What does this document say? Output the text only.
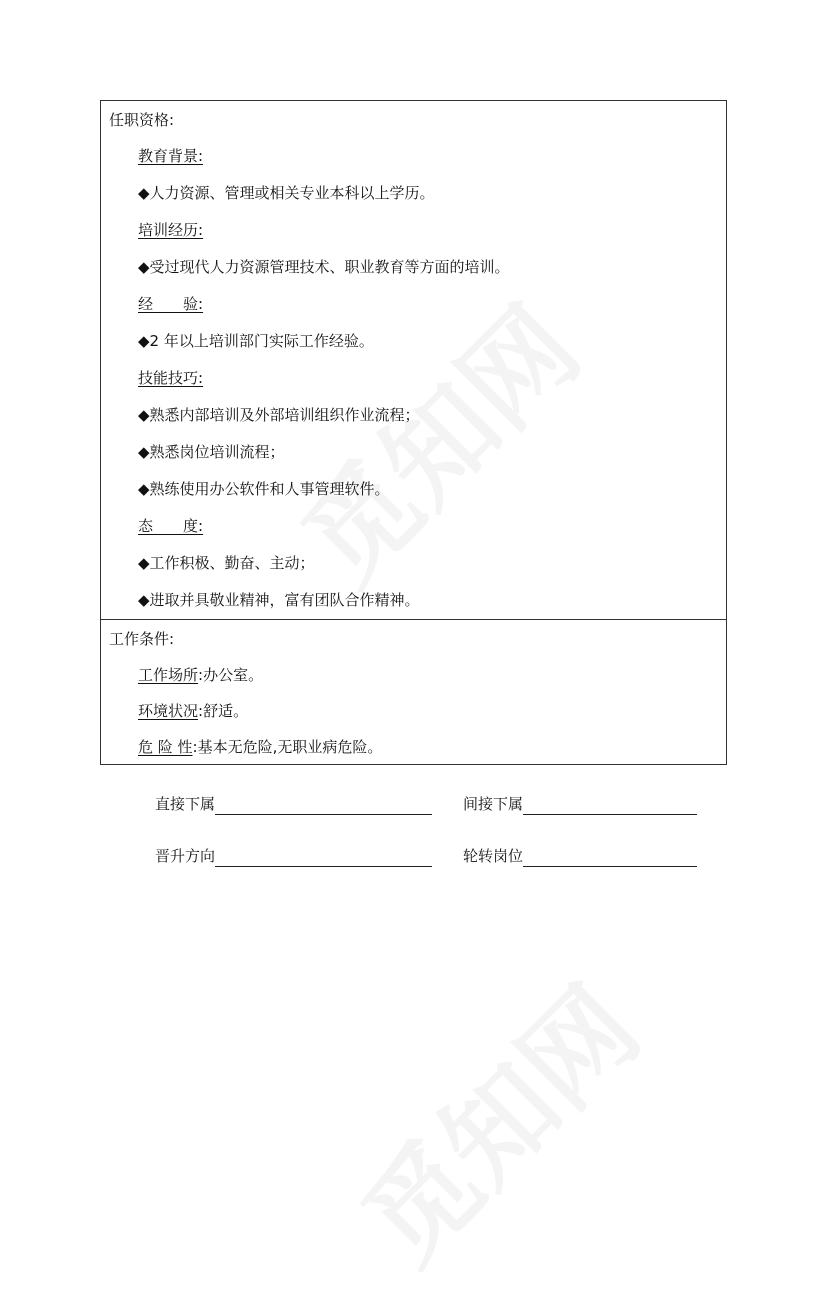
任职资格:
教育背景:
◆人力资源、管理或相关专业本科以上学历。
培训经历:
◆受过现代人力资源管理技术、职业教育等方面的培训。
经　　验:
◆2 年以上培训部门实际工作经验。
技能技巧:
◆熟悉内部培训及外部培训组织作业流程；
◆熟悉岗位培训流程；
◆熟练使用办公软件和人事管理软件。
态　　度:
◆工作积极、勤奋、主动；
◆进取并具敬业精神，富有团队合作精神。
工作条件:
工作场所:办公室。
环境状况:舒适。
危 险 性:基本无危险,无职业病危险。
直接下属	间接下属
晋升方向	轮转岗位
